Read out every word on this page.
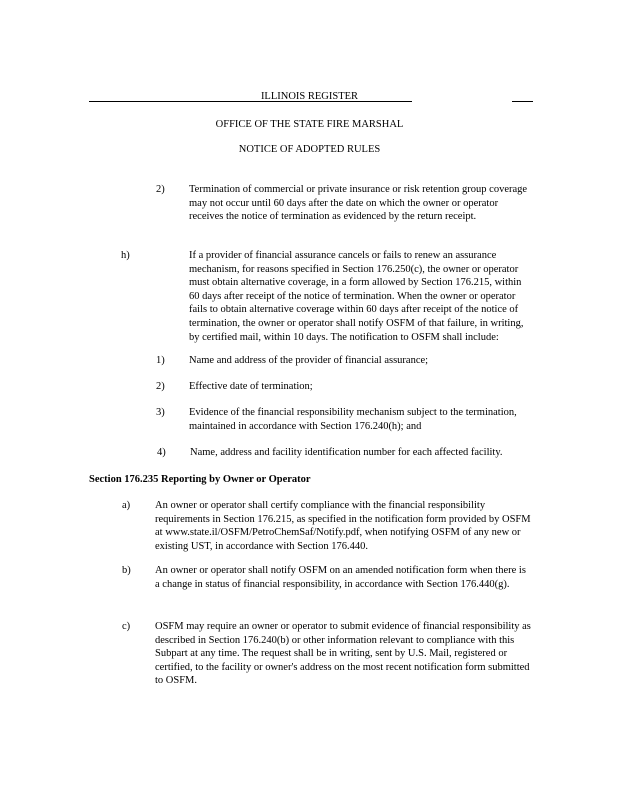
ILLINOIS REGISTER
OFFICE OF THE STATE FIRE MARSHAL
NOTICE OF ADOPTED RULES
2) Termination of commercial or private insurance or risk retention group coverage may not occur until 60 days after the date on which the owner or operator receives the notice of termination as evidenced by the return receipt.
h)	If a provider of financial assurance cancels or fails to renew an assurance mechanism, for reasons specified in Section 176.250(c), the owner or operator must obtain alternative coverage, in a form allowed by Section 176.215, within 60 days after receipt of the notice of termination. When the owner or operator fails to obtain alternative coverage within 60 days after receipt of the notice of termination, the owner or operator shall notify OSFM of that failure, in writing, by certified mail, within 10 days. The notification to OSFM shall include:
1) Name and address of the provider of financial assurance;
2) Effective date of termination;
3) Evidence of the financial responsibility mechanism subject to the termination, maintained in accordance with Section 176.240(h); and
4) Name, address and facility identification number for each affected facility.
Section 176.235 Reporting by Owner or Operator
a) An owner or operator shall certify compliance with the financial responsibility requirements in Section 176.215, as specified in the notification form provided by OSFM at www.state.il/OSFM/PetroChemSaf/Notify.pdf, when notifying OSFM of any new or existing UST, in accordance with Section 176.440.
b) An owner or operator shall notify OSFM on an amended notification form when there is a change in status of financial responsibility, in accordance with Section 176.440(g).
c) OSFM may require an owner or operator to submit evidence of financial responsibility as described in Section 176.240(b) or other information relevant to compliance with this Subpart at any time. The request shall be in writing, sent by U.S. Mail, registered or certified, to the facility or owner's address on the most recent notification form submitted to OSFM.
